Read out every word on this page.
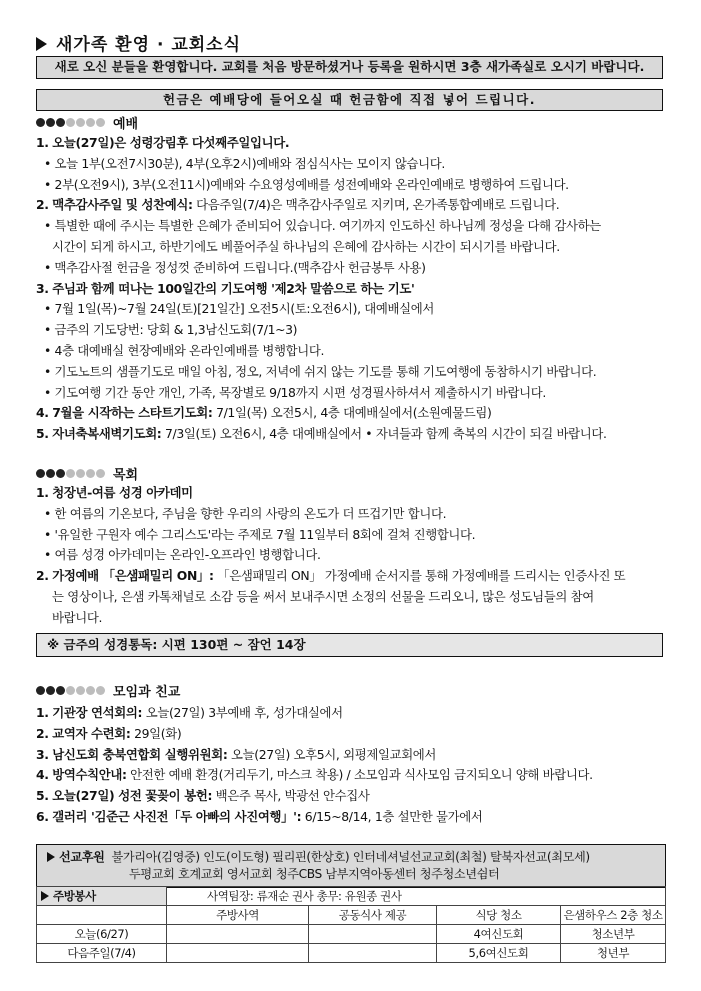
새가족 환영 · 교회소식
새로 오신 분들을 환영합니다. 교회를 처음 방문하셨거나 등록을 원하시면 3층 새가족실로 오시기 바랍니다.
헌금은 예배당에 들어오실 때 헌금함에 직접 넣어 드립니다.
예배
1. 오늘(27일)은 성령강림후 다섯째주일입니다.
• 오늘 1부(오전7시30분), 4부(오후2시)예배와 점심식사는 모이지 않습니다.
• 2부(오전9시), 3부(오전11시)예배와 수요영성예배를 성전예배와 온라인예배로 병행하여 드립니다.
2. 맥추감사주일 및 성찬예식: 다음주일(7/4)은 맥추감사주일로 지키며, 온가족통합예배로 드립니다.
• 특별한 때에 주시는 특별한 은혜가 준비되어 있습니다. 여기까지 인도하신 하나님께 정성을 다해 감사하는
시간이 되게 하시고, 하반기에도 베풀어주실 하나님의 은혜에 감사하는 시간이 되시기를 바랍니다.
• 맥추감사절 헌금을 정성껏 준비하여 드립니다.(맥추감사 헌금봉투 사용)
3. 주님과 함께 떠나는 100일간의 기도여행 '제2차 말씀으로 하는 기도'
• 7월 1일(목)~7월 24일(토)[21일간] 오전5시(토:오전6시), 대예배실에서
• 금주의 기도당번: 당회 & 1,3남신도회(7/1~3)
• 4층 대예배실 현장예배와 온라인예배를 병행합니다.
• 기도노트의 샘플기도로 매일 아침, 정오, 저녁에 쉬지 않는 기도를 통해 기도여행에 동참하시기 바랍니다.
• 기도여행 기간 동안 개인, 가족, 목장별로 9/18까지 시편 성경필사하셔서 제출하시기 바랍니다.
4. 7월을 시작하는 스타트기도회: 7/1일(목) 오전5시, 4층 대예배실에서(소원예물드림)
5. 자녀축복새벽기도회: 7/3일(토) 오전6시, 4층 대예배실에서 • 자녀들과 함께 축복의 시간이 되길 바랍니다.
목회
1. 청장년-여름 성경 아카데미
• 한 여름의 기온보다, 주님을 향한 우리의 사랑의 온도가 더 뜨겁기만 합니다.
• '유일한 구원자 예수 그리스도'라는 주제로 7월 11일부터 8회에 걸쳐 진행합니다.
• 여름 성경 아카데미는 온라인-오프라인 병행합니다.
2. 가정예배 「은샘패밀리 ON」: 「은샘패밀리 ON」 가정예배 순서지를 통해 가정예배를 드리시는 인증사진 또
는 영상이나, 은샘 카톡채널로 소감 등을 써서 보내주시면 소정의 선물을 드리오니, 많은 성도님들의 참여
바랍니다.
※ 금주의 성경통독: 시편 130편 ~ 잠언 14장
모임과 친교
1. 기관장 연석회의: 오늘(27일) 3부예배 후, 성가대실에서
2. 교역자 수련회: 29일(화)
3. 남신도회 충북연합회 실행위원회: 오늘(27일) 오후5시, 외평제일교회에서
4. 방역수칙안내: 안전한 예배 환경(거리두기, 마스크 착용) / 소모임과 식사모임 금지되오니 양해 바랍니다.
5. 오늘(27일) 성전 꽃꽂이 봉헌: 백은주 목사, 박광선 안수집사
6. 갤러리 '김준근 사진전「두 아빠의 사진여행」': 6/15~8/14, 1층 설만한 물가에서
선교후원 불가리아(김영중) 인도(이도형) 필리핀(한상호) 인터네셔널선교교회(최철) 탈북자선교(최모세)
두평교회 호계교회 영서교회 청주CBS 남부지역아동센터 청주청소년쉼터
주방봉사	사역팀장: 류재순 권사 총무: 유원종 권사			
	주방사역	공동식사 제공	식당 청소	은샘하우스 2층 청소
오늘(6/27)			4여신도회	청소년부
다음주일(7/4)			5,6여신도회	청년부
